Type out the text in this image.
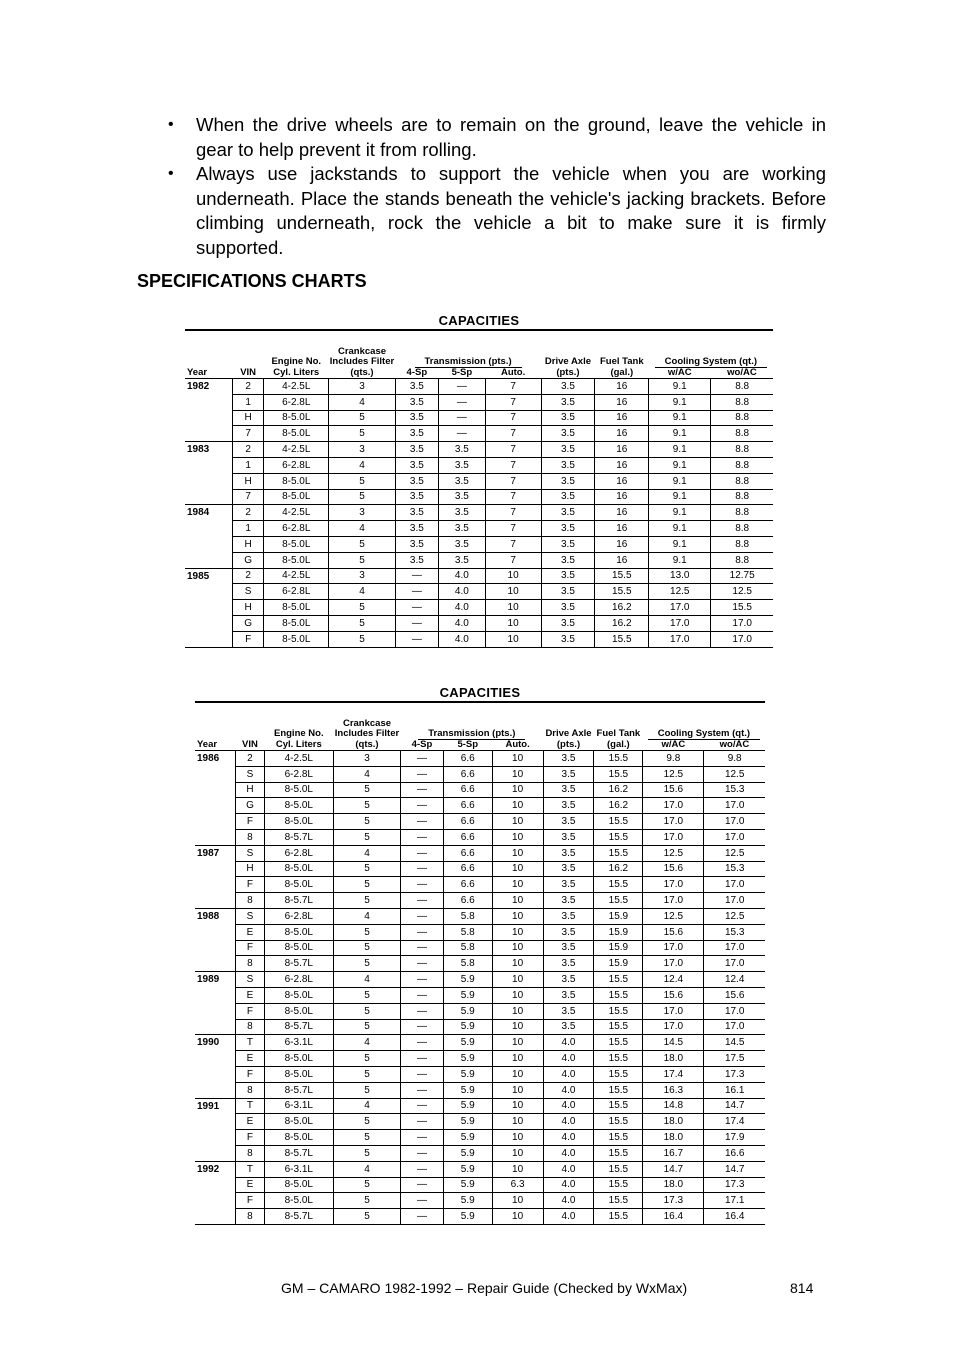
• When the drive wheels are to remain on the ground, leave the vehicle in gear to help prevent it from rolling.
• Always use jackstands to support the vehicle when you are working underneath. Place the stands beneath the vehicle's jacking brackets. Before climbing underneath, rock the vehicle a bit to make sure it is firmly supported.
SPECIFICATIONS CHARTS
CAPACITIES
Year	VIN	Engine No. Cyl. Liters	Crankcase Includes Filter (qts.)	Transmission (pts.)			Drive Axle (pts.)	Fuel Tank (gal.)	Cooling System (qt.)	
				4-Sp	5-Sp	Auto.			w/AC	wo/AC
1982	2	4-2.5L	3	3.5	—	7	3.5	16	9.1	8.8
	1	6-2.8L	4	3.5	—	7	3.5	16	9.1	8.8
	H	8-5.0L	5	3.5	—	7	3.5	16	9.1	8.8
	7	8-5.0L	5	3.5	—	7	3.5	16	9.1	8.8
1983	2	4-2.5L	3	3.5	3.5	7	3.5	16	9.1	8.8
	1	6-2.8L	4	3.5	3.5	7	3.5	16	9.1	8.8
	H	8-5.0L	5	3.5	3.5	7	3.5	16	9.1	8.8
	7	8-5.0L	5	3.5	3.5	7	3.5	16	9.1	8.8
1984	2	4-2.5L	3	3.5	3.5	7	3.5	16	9.1	8.8
	1	6-2.8L	4	3.5	3.5	7	3.5	16	9.1	8.8
	H	8-5.0L	5	3.5	3.5	7	3.5	16	9.1	8.8
	G	8-5.0L	5	3.5	3.5	7	3.5	16	9.1	8.8
1985	2	4-2.5L	3	—	4.0	10	3.5	15.5	13.0	12.75
	S	6-2.8L	4	—	4.0	10	3.5	15.5	12.5	12.5
	H	8-5.0L	5	—	4.0	10	3.5	16.2	17.0	15.5
	G	8-5.0L	5	—	4.0	10	3.5	16.2	17.0	17.0
	F	8-5.0L	5	—	4.0	10	3.5	15.5	17.0	17.0
CAPACITIES
Year	VIN	Engine No. Cyl. Liters	Crankcase Includes Filter (qts.)	Transmission (pts.)			Drive Axle (pts.)	Fuel Tank (gal.)	Cooling System (qt.)	
				4-Sp	5-Sp	Auto.			w/AC	wo/AC
1986	2	4-2.5L	3	—	6.6	10	3.5	15.5	9.8	9.8
	S	6-2.8L	4	—	6.6	10	3.5	15.5	12.5	12.5
	H	8-5.0L	5	—	6.6	10	3.5	16.2	15.6	15.3
	G	8-5.0L	5	—	6.6	10	3.5	16.2	17.0	17.0
	F	8-5.0L	5	—	6.6	10	3.5	15.5	17.0	17.0
	8	8-5.7L	5	—	6.6	10	3.5	15.5	17.0	17.0
1987	S	6-2.8L	4	—	6.6	10	3.5	15.5	12.5	12.5
	H	8-5.0L	5	—	6.6	10	3.5	16.2	15.6	15.3
	F	8-5.0L	5	—	6.6	10	3.5	15.5	17.0	17.0
	8	8-5.7L	5	—	6.6	10	3.5	15.5	17.0	17.0
1988	S	6-2.8L	4	—	5.8	10	3.5	15.9	12.5	12.5
	E	8-5.0L	5	—	5.8	10	3.5	15.9	15.6	15.3
	F	8-5.0L	5	—	5.8	10	3.5	15.9	17.0	17.0
	8	8-5.7L	5	—	5.8	10	3.5	15.9	17.0	17.0
1989	S	6-2.8L	4	—	5.9	10	3.5	15.5	12.4	12.4
	E	8-5.0L	5	—	5.9	10	3.5	15.5	15.6	15.6
	F	8-5.0L	5	—	5.9	10	3.5	15.5	17.0	17.0
	8	8-5.7L	5	—	5.9	10	3.5	15.5	17.0	17.0
1990	T	6-3.1L	4	—	5.9	10	4.0	15.5	14.5	14.5
	E	8-5.0L	5	—	5.9	10	4.0	15.5	18.0	17.5
	F	8-5.0L	5	—	5.9	10	4.0	15.5	17.4	17.3
	8	8-5.7L	5	—	5.9	10	4.0	15.5	16.3	16.1
1991	T	6-3.1L	4	—	5.9	10	4.0	15.5	14.8	14.7
	E	8-5.0L	5	—	5.9	10	4.0	15.5	18.0	17.4
	F	8-5.0L	5	—	5.9	10	4.0	15.5	18.0	17.9
	8	8-5.7L	5	—	5.9	10	4.0	15.5	16.7	16.6
1992	T	6-3.1L	4	—	5.9	10	4.0	15.5	14.7	14.7
	E	8-5.0L	5	—	5.9	6.3	4.0	15.5	18.0	17.3
	F	8-5.0L	5	—	5.9	10	4.0	15.5	17.3	17.1
	8	8-5.7L	5	—	5.9	10	4.0	15.5	16.4	16.4
GM – CAMARO 1982-1992 – Repair Guide (Checked by WxMax)	814
